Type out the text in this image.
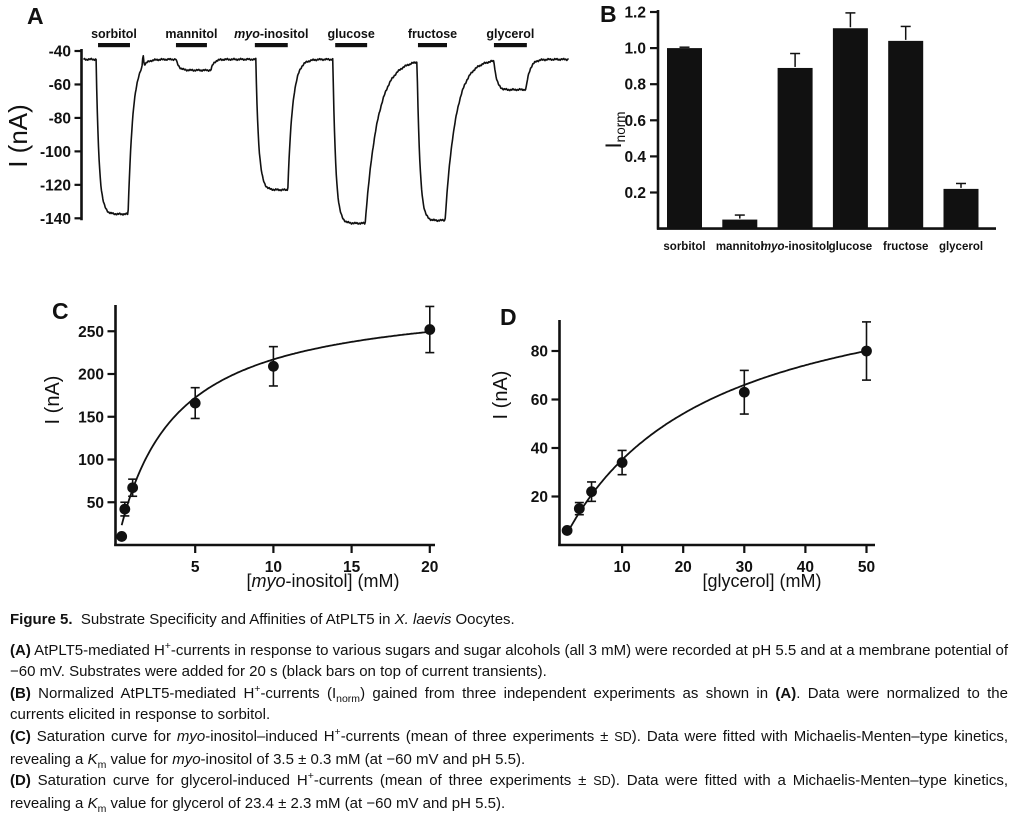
A
-40
-60
-80
-100
-120
-140
I (nA)
sorbitol mannitol myo-inositol glucose	fructose glycerol
B
0.2
0.4
0.6
0.8
1.0
1.2
Inorm
sorbitol mannitol
myo-inositol glucose fructose glycerol
C
50
100
150
200
250
5	10	15	20
I (nA)
[myo-inositol] (mM)
D
20
40
60
80
10	20	30	40	50
I (nA)
[glycerol] (mM)

Figure 5.  Substrate Specificity and Affinities of AtPLT5 in X. laevis Oocytes.

(A) AtPLT5-mediated H+-currents in response to various sugars and sugar alcohols (all 3 mM) were recorded at pH 5.5 and at a membrane potential of −60 mV. Substrates were added for 20 s (black bars on top of current transients).

(B) Normalized AtPLT5-mediated H+-currents $(I_{norm})$ gained from three independent experiments as shown in (A). Data were normalized to the currents elicited in response to sorbitol.

(C) Saturation curve for myo-inositol–induced H+-currents (mean of three experiments ± SD). Data were fitted with Michaelis-Menten–type kinetics, revealing a $K_m$ value for myo-inositol of 3.5 ± 0.3 mM (at −60 mV and pH 5.5).

(D) Saturation curve for glycerol-induced H+-currents (mean of three experiments ± SD). Data were fitted with a Michaelis-Menten–type kinetics, revealing a $K_m$ value for glycerol of 23.4 ± 2.3 mM (at −60 mV and pH 5.5).
